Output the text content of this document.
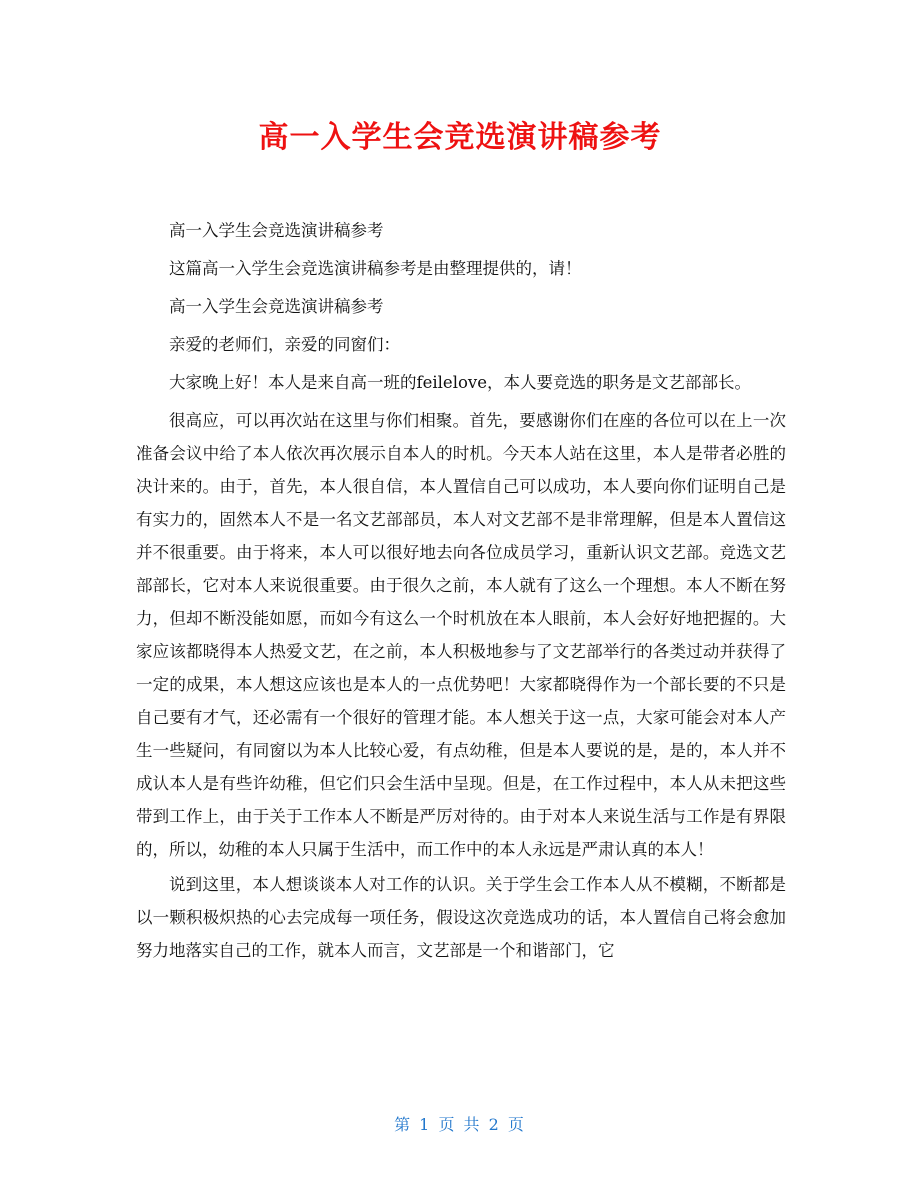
高一入学生会竞选演讲稿参考

高一入学生会竞选演讲稿参考

这篇高一入学生会竞选演讲稿参考是由整理提供的，请！

高一入学生会竞选演讲稿参考

亲爱的老师们，亲爱的同窗们：

大家晚上好！本人是来自高一班的feilelove，本人要竞选的职务是文艺部部长。

很高应，可以再次站在这里与你们相聚。首先，要感谢你们在座的各位可以在上一次准备会议中给了本人依次再次展示自本人的时机。今天本人站在这里，本人是带者必胜的决计来的。由于，首先，本人很自信，本人置信自己可以成功，本人要向你们证明自己是有实力的，固然本人不是一名文艺部部员，本人对文艺部不是非常理解，但是本人置信这并不很重要。由于将来，本人可以很好地去向各位成员学习，重新认识文艺部。竞选文艺部部长，它对本人来说很重要。由于很久之前，本人就有了这么一个理想。本人不断在努力，但却不断没能如愿，而如今有这么一个时机放在本人眼前，本人会好好地把握的。大家应该都晓得本人热爱文艺，在之前，本人积极地参与了文艺部举行的各类过动并获得了一定的成果，本人想这应该也是本人的一点优势吧！大家都晓得作为一个部长要的不只是自己要有才气，还必需有一个很好的管理才能。本人想关于这一点，大家可能会对本人产生一些疑问，有同窗以为本人比较心爱，有点幼稚，但是本人要说的是，是的，本人并不成认本人是有些许幼稚，但它们只会生活中呈现。但是，在工作过程中，本人从未把这些带到工作上，由于关于工作本人不断是严厉对待的。由于对本人来说生活与工作是有界限的，所以，幼稚的本人只属于生活中，而工作中的本人永远是严肃认真的本人！

说到这里，本人想谈谈本人对工作的认识。关于学生会工作本人从不模糊，不断都是以一颗积极炽热的心去完成每一项任务，假设这次竞选成功的话，本人置信自己将会愈加努力地落实自己的工作，就本人而言，文艺部是一个和谐部门，它

第 1 页 共 2 页
